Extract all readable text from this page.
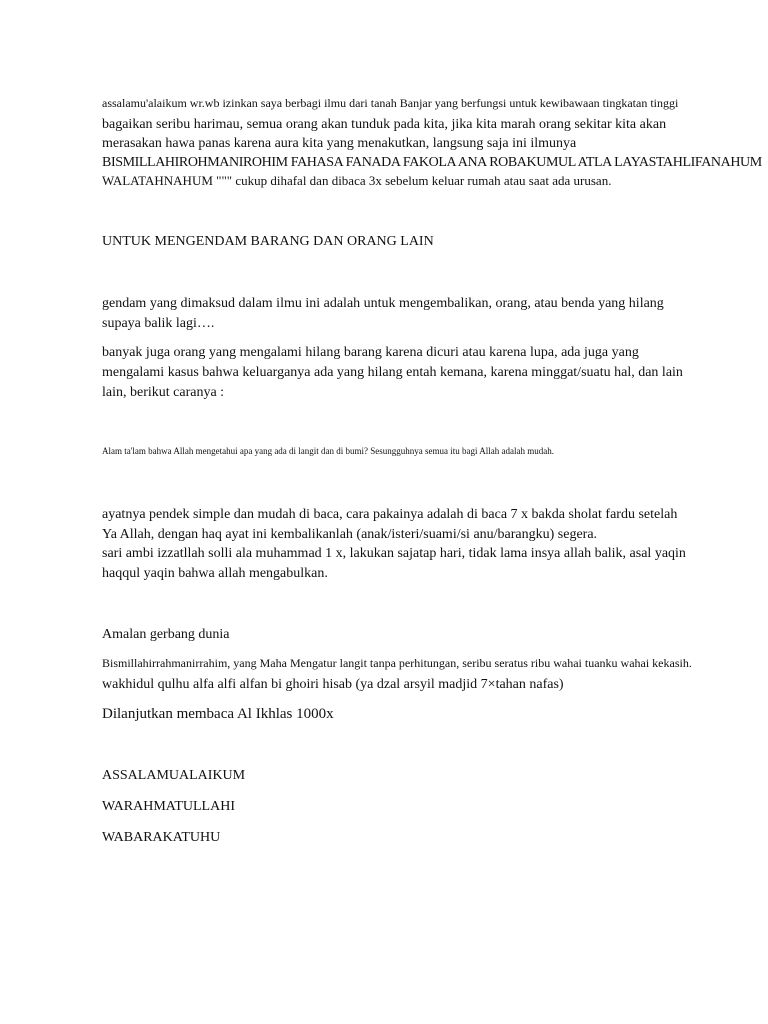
assalamu'alaikum wr.wb izinkan saya berbagi ilmu dari tanah Banjar yang berfungsi untuk kewibawaan tingkatan tinggi
bagaikan seribu harimau, semua orang akan tunduk pada kita, jika kita marah orang sekitar kita akan
merasakan hawa panas karena aura kita yang menakutkan, langsung saja ini ilmunya
BISMILLAHIROHMANIROHIM FAHASA FANADA FAKOLA ANA ROBAKUMUL ATLA LAYASTAHLIFANAHUM
WALATAHNAHUM """ cukup dihafal dan dibaca 3x sebelum keluar rumah atau saat ada urusan.
UNTUK MENGENDAM BARANG DAN ORANG LAIN
gendam yang dimaksud dalam ilmu ini adalah untuk mengembalikan, orang, atau benda yang hilang
supaya balik lagi….
banyak juga orang yang mengalami hilang barang karena dicuri atau karena lupa, ada juga yang
mengalami kasus bahwa keluarganya ada yang hilang entah kemana, karena minggat/suatu hal, dan lain
lain, berikut caranya :
Alam ta'lam bahwa Allah mengetahui apa yang ada di langit dan di bumi? Sesungguhnya semua itu bagi Allah adalah mudah.
ayatnya pendek simple dan mudah di baca, cara pakainya adalah di baca 7 x bakda sholat fardu setelah
Ya Allah, dengan haq ayat ini kembalikanlah (anak/isteri/suami/si anu/barangku) segera.
sari ambi izzatllah solli ala muhammad 1 x, lakukan sajatap hari, tidak lama insya allah balik, asal yaqin
haqqul yaqin bahwa allah mengabulkan.
Amalan gerbang dunia
Bismillahirrahmanirrahim, yang Maha Mengatur langit tanpa perhitungan, seribu seratus ribu wahai tuanku wahai kekasih.
wakhidul qulhu alfa alfi alfan bi ghoiri hisab (ya dzal arsyil madjid 7×tahan nafas)
Dilanjutkan membaca Al Ikhlas 1000x
ASSALAMUALAIKUM
WARAHMATULLAHI
WABARAKATUHU
